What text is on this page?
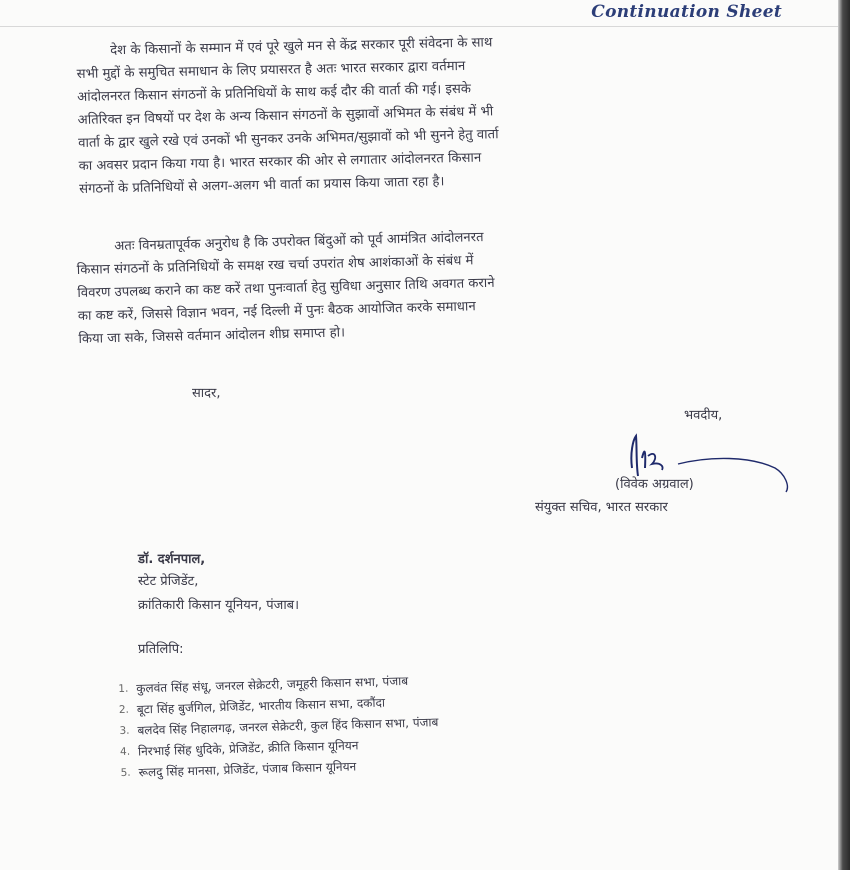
Continuation Sheet
देश के किसानों के सम्मान में एवं पूरे खुले मन से केंद्र सरकार पूरी संवेदना के साथ
सभी मुद्दों के समुचित समाधान के लिए प्रयासरत है अतः भारत सरकार द्वारा वर्तमान
आंदोलनरत किसान संगठनों के प्रतिनिधियों के साथ कई दौर की वार्ता की गई। इसके
अतिरिक्त इन विषयों पर देश के अन्य किसान संगठनों के सुझावों अभिमत के संबंध में भी
वार्ता के द्वार खुले रखे एवं उनकों भी सुनकर उनके अभिमत/सुझावों को भी सुनने हेतु वार्ता
का अवसर प्रदान किया गया है। भारत सरकार की ओर से लगातार आंदोलनरत किसान
संगठनों के प्रतिनिधियों से अलग-अलग भी वार्ता का प्रयास किया जाता रहा है।
अतः विनम्रतापूर्वक अनुरोध है कि उपरोक्त बिंदुओं को पूर्व आमंत्रित आंदोलनरत
किसान संगठनों के प्रतिनिधियों के समक्ष रख चर्चा उपरांत शेष आशंकाओं के संबंध में
विवरण उपलब्ध कराने का कष्ट करें तथा पुनःवार्ता हेतु सुविधा अनुसार तिथि अवगत कराने
का कष्ट करें, जिससे विज्ञान भवन, नई दिल्ली में पुनः बैठक आयोजित करके समाधान
किया जा सके, जिससे वर्तमान आंदोलन शीघ्र समाप्त हो।
सादर,
भवदीय,
(विवेक अग्रवाल)
संयुक्त सचिव, भारत सरकार
डॉ. दर्शनपाल,
स्टेट प्रेजिडेंट,
क्रांतिकारी किसान यूनियन, पंजाब।
प्रतिलिपि:
1. कुलवंत सिंह संधू, जनरल सेक्रेटरी, जमूहरी किसान सभा, पंजाब
2. बूटा सिंह बुर्जगिल, प्रेजिडेंट, भारतीय किसान सभा, दकौंदा
3. बलदेव सिंह निहालगढ़, जनरल सेक्रेटरी, कुल हिंद किसान सभा, पंजाब
4. निरभाई सिंह धुदिके, प्रेजिडेंट, क्रीति किसान यूनियन
5. रूलदु सिंह मानसा, प्रेजिडेंट, पंजाब किसान यूनियन
